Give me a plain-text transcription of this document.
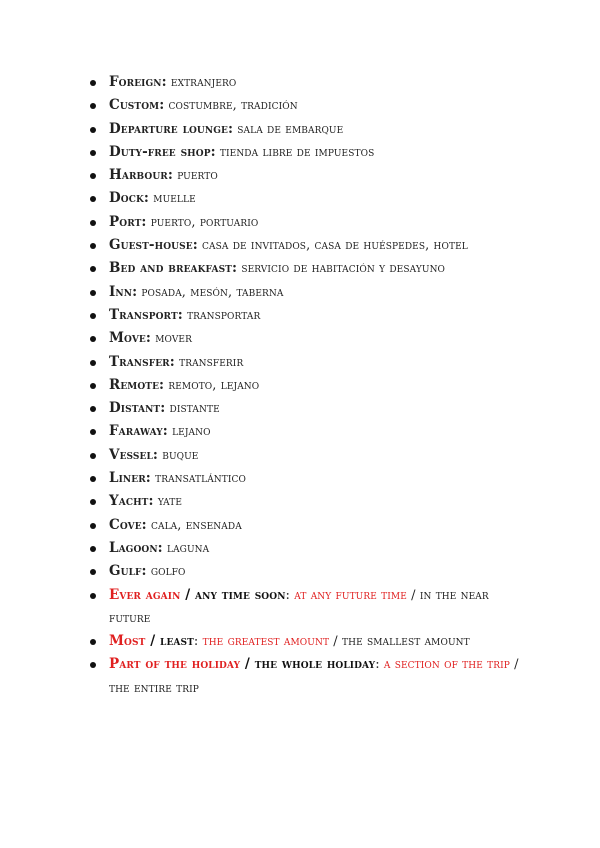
Foreign: extranjero
Custom: costumbre, tradición
Departure lounge: sala de embarque
Duty-free shop: tienda libre de impuestos
Harbour: puerto
Dock: muelle
Port: puerto, portuario
Guest-house: casa de invitados, casa de huéspedes, hotel
Bed and breakfast: servicio de habitación y desayuno
Inn: posada, mesón, taberna
Transport: transportar
Move: mover
Transfer: transferir
Remote: remoto, lejano
Distant: distante
Faraway: lejano
Vessel: buque
Liner: transatlántico
Yacht: yate
Cove: cala, ensenada
Lagoon: laguna
Gulf: golfo
Ever again / any time soon: at any future time / in the near future
Most / least: the greatest amount / the smallest amount
Part of the holiday / the whole holiday: a section of the trip / the entire trip
